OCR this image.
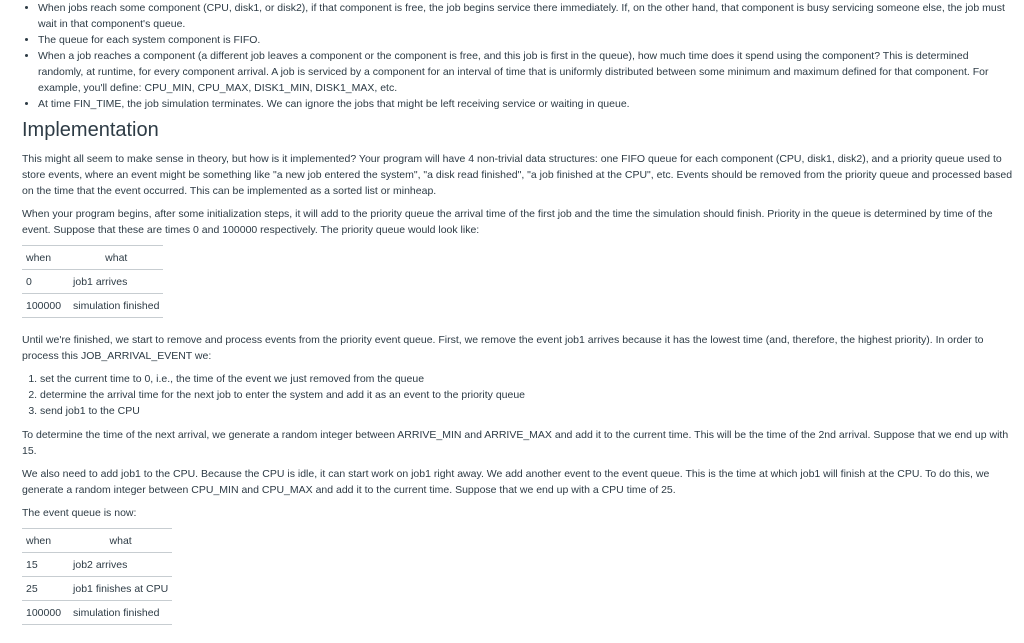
• When jobs reach some component (CPU, disk1, or disk2), if that component is free, the job begins service there immediately. If, on the other hand, that component is busy servicing someone else, the job must wait in that component's queue.
• The queue for each system component is FIFO.
• When a job reaches a component (a different job leaves a component or the component is free, and this job is first in the queue), how much time does it spend using the component? This is determined randomly, at runtime, for every component arrival. A job is serviced by a component for an interval of time that is uniformly distributed between some minimum and maximum defined for that component. For example, you'll define: CPU_MIN, CPU_MAX, DISK1_MIN, DISK1_MAX, etc.
• At time FIN_TIME, the job simulation terminates. We can ignore the jobs that might be left receiving service or waiting in queue.
Implementation

This might all seem to make sense in theory, but how is it implemented? Your program will have 4 non-trivial data structures: one FIFO queue for each component (CPU, disk1, disk2), and a priority queue used to store events, where an event might be something like "a new job entered the system", "a disk read finished", "a job finished at the CPU", etc. Events should be removed from the priority queue and processed based on the time that the event occurred. This can be implemented as a sorted list or minheap.

When your program begins, after some initialization steps, it will add to the priority queue the arrival time of the first job and the time the simulation should finish. Priority in the queue is determined by time of the event. Suppose that these are times 0 and 100000 respectively. The priority queue would look like:

when	what
0	job1 arrives
100000	simulation finished

Until we're finished, we start to remove and process events from the priority event queue. First, we remove the event job1 arrives because it has the lowest time (and, therefore, the highest priority). In order to process this JOB_ARRIVAL_EVENT we:

1. set the current time to 0, i.e., the time of the event we just removed from the queue
2. determine the arrival time for the next job to enter the system and add it as an event to the priority queue
3. send job1 to the CPU

To determine the time of the next arrival, we generate a random integer between ARRIVE_MIN and ARRIVE_MAX and add it to the current time. This will be the time of the 2nd arrival. Suppose that we end up with 15.

We also need to add job1 to the CPU. Because the CPU is idle, it can start work on job1 right away. We add another event to the event queue. This is the time at which job1 will finish at the CPU. To do this, we generate a random integer between CPU_MIN and CPU_MAX and add it to the current time. Suppose that we end up with a CPU time of 25.

The event queue is now:

when	what
15	job2 arrives
25	job1 finishes at CPU
100000	simulation finished
